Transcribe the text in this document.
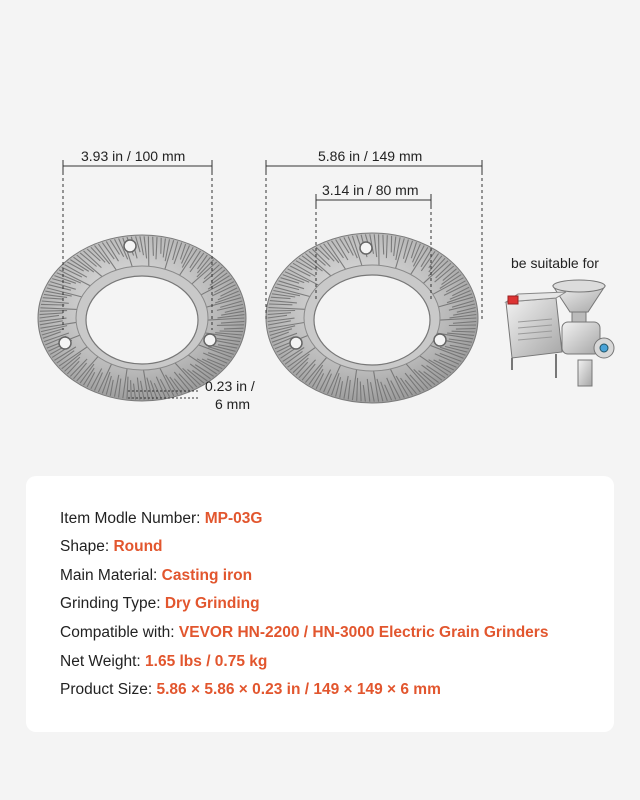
3.93 in / 100 mm	5.86 in / 149 mm
3.14 in / 80 mm
0.23 in /
6 mm
be suitable for
Item Modle Number: MP-03G
Shape: Round
Main Material: Casting iron
Grinding Type: Dry Grinding
Compatible with: VEVOR HN-2200 / HN-3000 Electric Grain Grinders
Net Weight: 1.65 lbs / 0.75 kg
Product Size: 5.86 × 5.86 × 0.23 in / 149 × 149 × 6 mm
